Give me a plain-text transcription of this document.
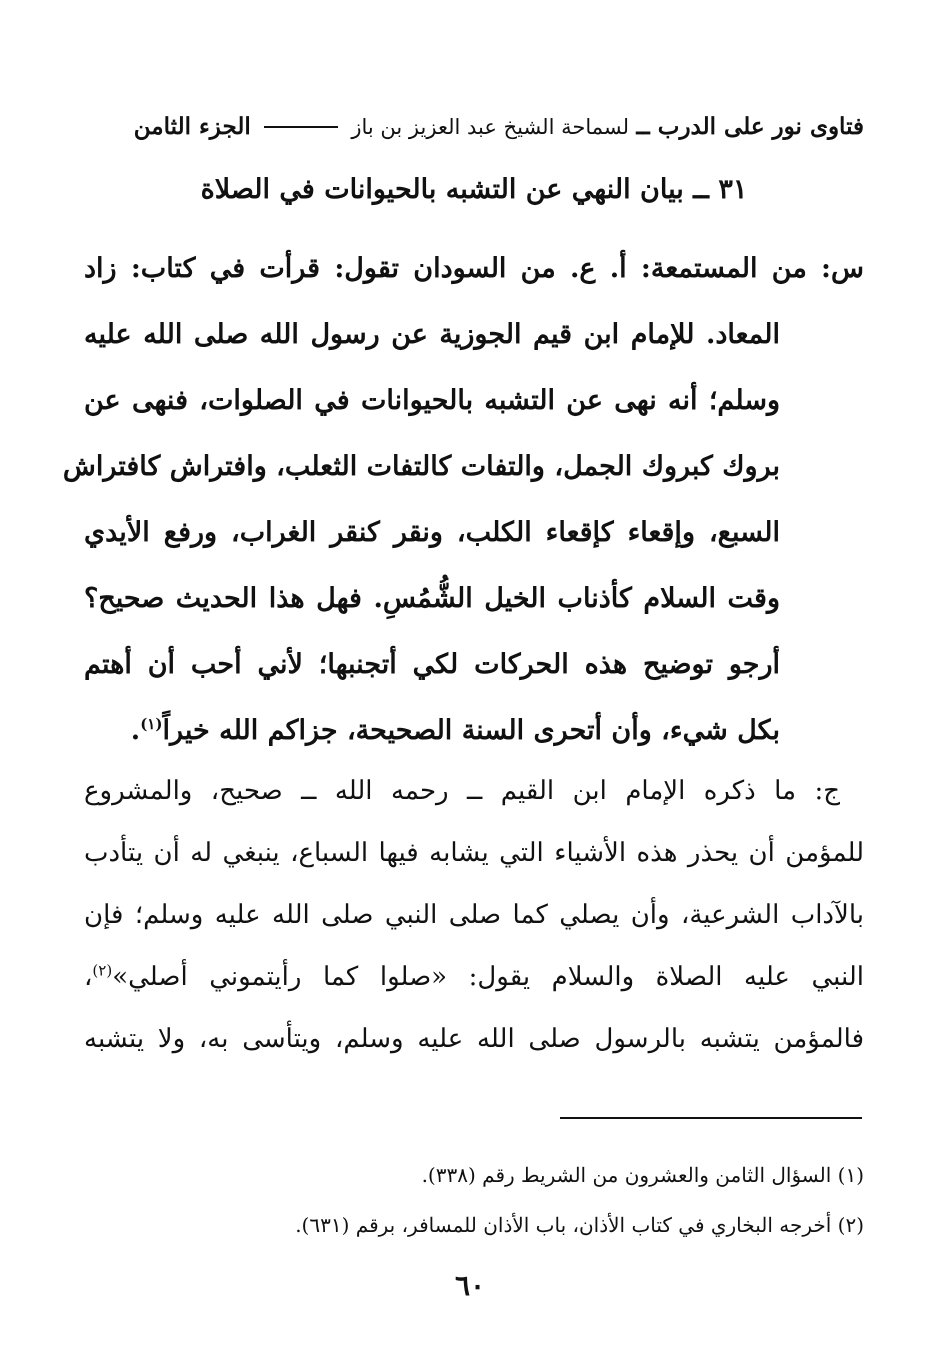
فتاوى نور على الدرب ــ لسماحة الشيخ عبد العزيز بن باز  الجزء الثامن
٣١ ــ بيان النهي عن التشبه بالحيوانات في الصلاة
س: من المستمعة: أ. ع. من السودان تقول: قرأت في كتاب: زاد
المعاد. للإمام ابن قيم الجوزية عن رسول الله صلى الله عليه
وسلم؛ أنه نهى عن التشبه بالحيوانات في الصلوات، فنهى عن
بروك كبروك الجمل، والتفات كالتفات الثعلب، وافتراش كافتراش
السبع، وإقعاء كإقعاء الكلب، ونقر كنقر الغراب، ورفع الأيدي
وقت السلام كأذناب الخيل الشُّمُسِ. فهل هذا الحديث صحيح؟
أرجو توضيح هذه الحركات لكي أتجنبها؛ لأني أحب أن أهتم
بكل شيء، وأن أتحرى السنة الصحيحة، جزاكم الله خيراً$^{(١)}$.
ج: ما ذكره الإمام ابن القيم ــ رحمه الله ــ صحيح، والمشروع
للمؤمن أن يحذر هذه الأشياء التي يشابه فيها السباع، ينبغي له أن يتأدب
بالآداب الشرعية، وأن يصلي كما صلى النبي صلى الله عليه وسلم؛ فإن
النبي عليه الصلاة والسلام يقول: «صلوا كما رأيتموني أصلي»$^{(٢)}$،
فالمؤمن يتشبه بالرسول صلى الله عليه وسلم، ويتأسى به، ولا يتشبه
(١) السؤال الثامن والعشرون من الشريط رقم (٣٣٨).
(٢) أخرجه البخاري في كتاب الأذان، باب الأذان للمسافر، برقم (٦٣١).
٦٠
